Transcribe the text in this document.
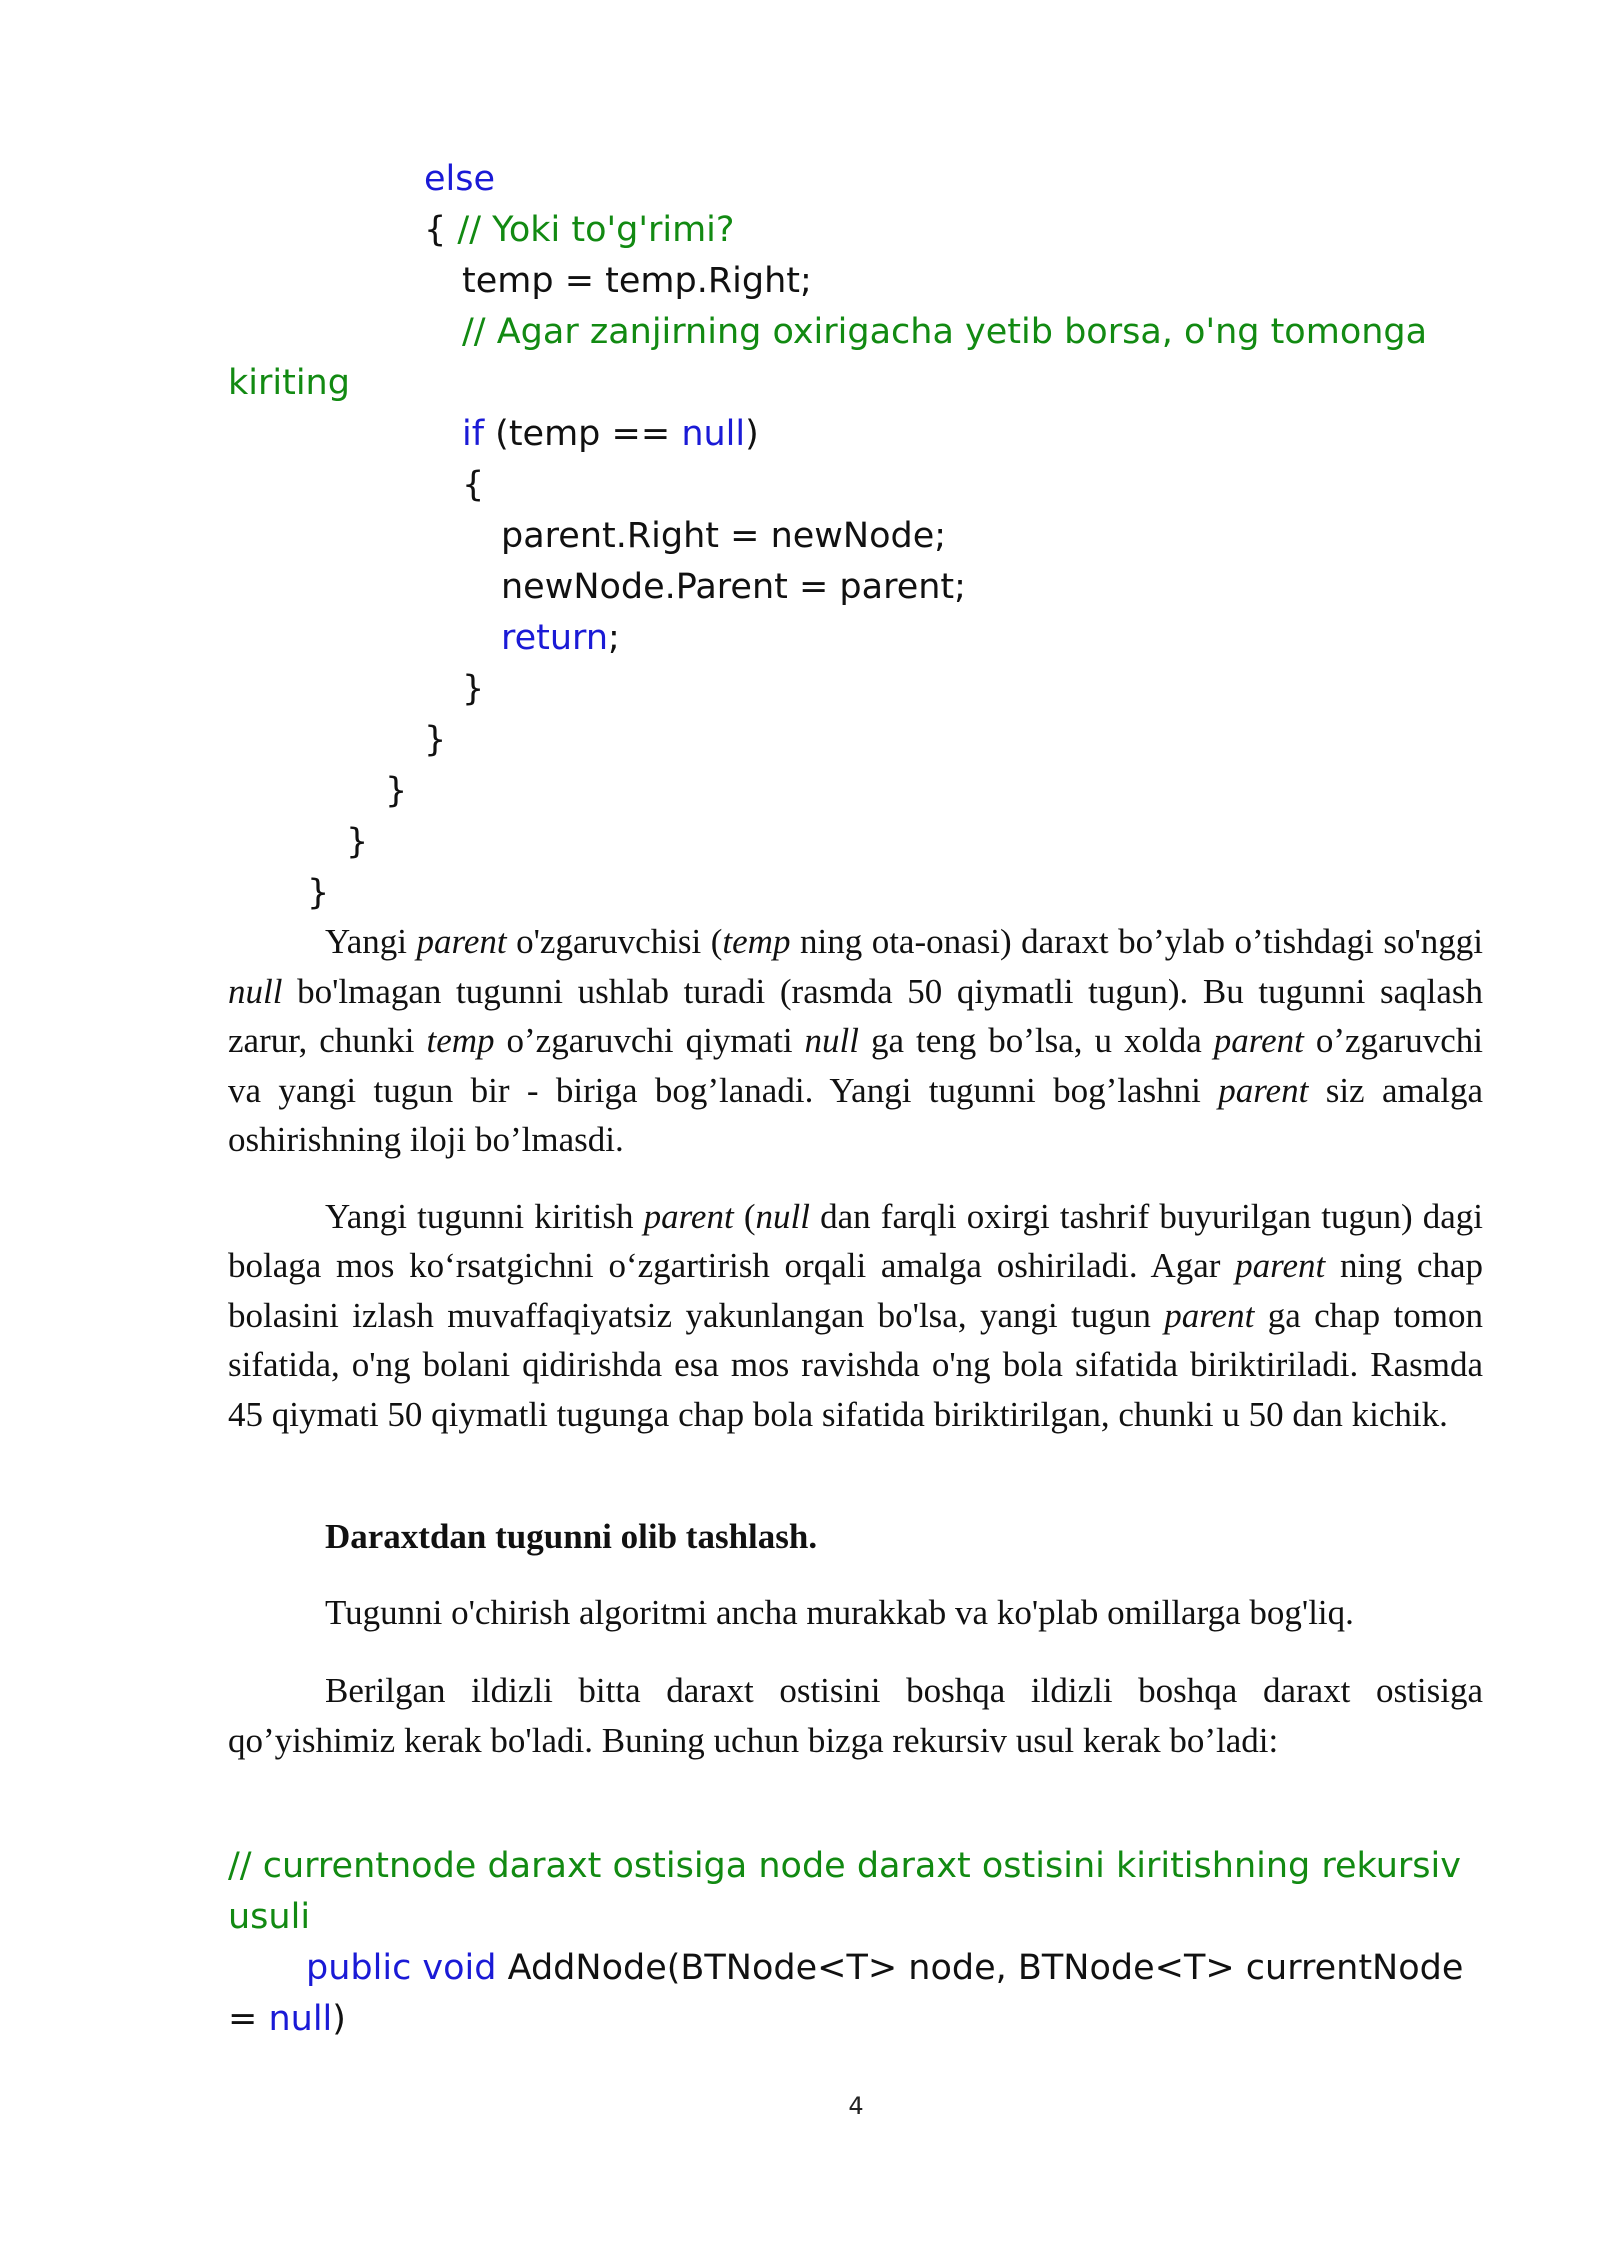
else

{ // Yoki to'g'rimi?

temp = temp.Right;

// Agar zanjirning oxirigacha yetib borsa, o'ng tomonga

kiriting

if (temp == null)

{

parent.Right = newNode;

newNode.Parent = parent;

return;

}

}

}

}

}

Yangi parent o'zgaruvchisi (temp ning ota-onasi) daraxt bo’ylab o’tishdagi so'nggi null bo'lmagan tugunni ushlab turadi (rasmda 50 qiymatli tugun). Bu tugunni saqlash zarur, chunki temp o’zgaruvchi qiymati null ga teng bo’lsa, u xolda parent o’zgaruvchi va yangi tugun bir - biriga bog’lanadi. Yangi tugunni bog’lashni parent siz amalga oshirishning iloji bo’lmasdi.

Yangi tugunni kiritish parent (null dan farqli oxirgi tashrif buyurilgan tugun) dagi bolaga mos ko‘rsatgichni o‘zgartirish orqali amalga oshiriladi. Agar parent ning chap bolasini izlash muvaffaqiyatsiz yakunlangan bo'lsa, yangi tugun parent ga chap tomon sifatida, o'ng bolani qidirishda esa mos ravishda o'ng bola sifatida biriktiriladi. Rasmda 45 qiymati 50 qiymatli tugunga chap bola sifatida biriktirilgan, chunki u 50 dan kichik.

Daraxtdan tugunni olib tashlash.
Tugunni o'chirish algoritmi ancha murakkab va ko'plab omillarga bog'liq.

Berilgan ildizli bitta daraxt ostisini boshqa ildizli boshqa daraxt ostisiga qo’yishimiz kerak bo'ladi. Buning uchun bizga rekursiv usul kerak bo’ladi:

// currentnode daraxt ostisiga node daraxt ostisini kiritishning rekursiv usuli
public void AddNode(BTNode<T> node, BTNode<T> currentNode = null)
4
